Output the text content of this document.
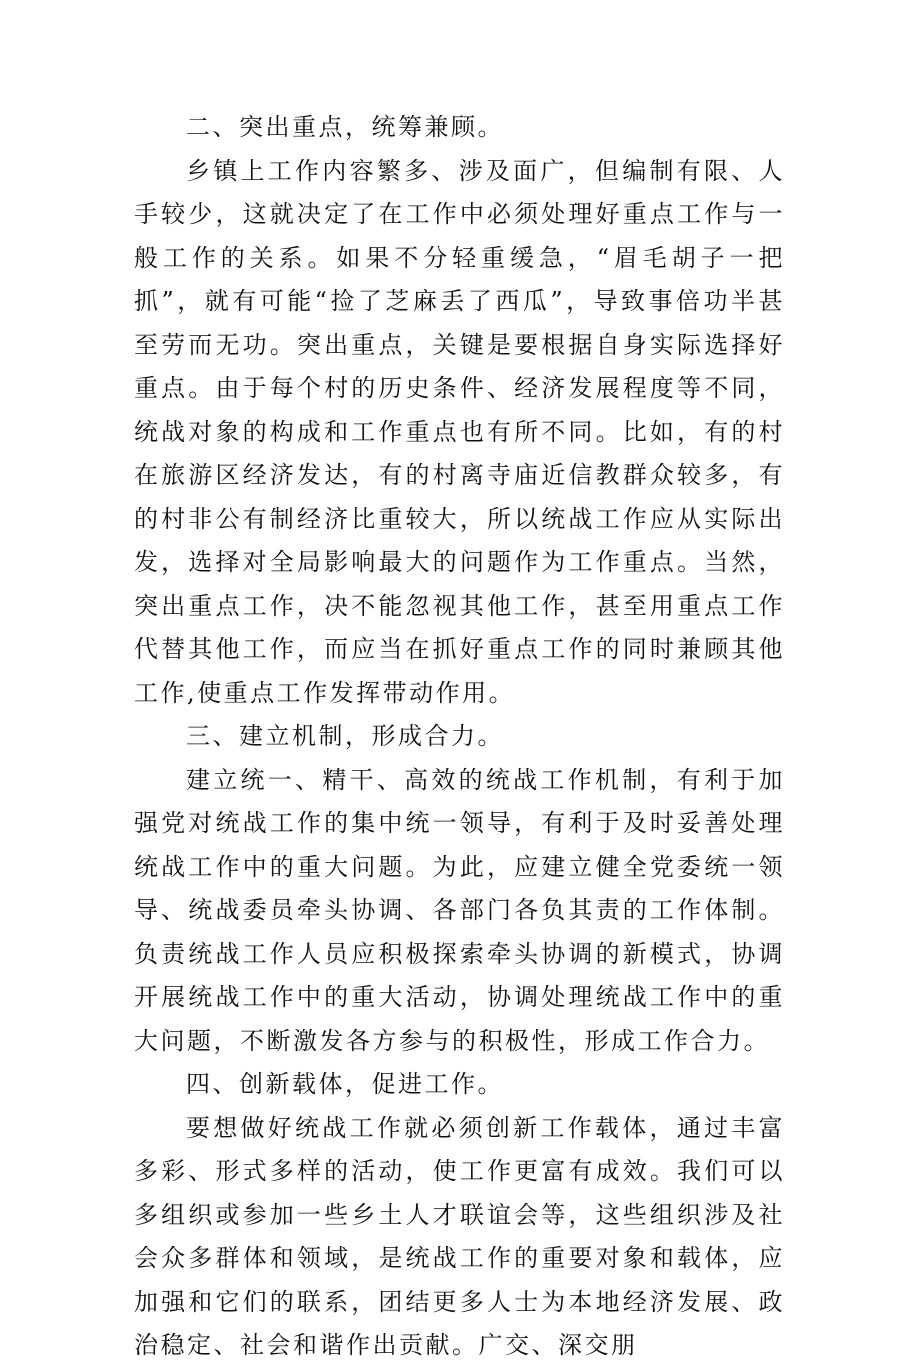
二、突出重点，统筹兼顾。

乡镇上工作内容繁多、涉及面广，但编制有限、人手较少，这就决定了在工作中必须处理好重点工作与一般工作的关系。如果不分轻重缓急，“眉毛胡子一把抓”，就有可能“捡了芝麻丢了西瓜”，导致事倍功半甚至劳而无功。突出重点，关键是要根据自身实际选择好重点。由于每个村的历史条件、经济发展程度等不同，统战对象的构成和工作重点也有所不同。比如，有的村在旅游区经济发达，有的村离寺庙近信教群众较多，有的村非公有制经济比重较大，所以统战工作应从实际出发，选择对全局影响最大的问题作为工作重点。当然，突出重点工作，决不能忽视其他工作，甚至用重点工作代替其他工作，而应当在抓好重点工作的同时兼顾其他工作,使重点工作发挥带动作用。

三、建立机制，形成合力。

建立统一、精干、高效的统战工作机制，有利于加强党对统战工作的集中统一领导，有利于及时妥善处理统战工作中的重大问题。为此，应建立健全党委统一领导、统战委员牵头协调、各部门各负其责的工作体制。负责统战工作人员应积极探索牵头协调的新模式，协调开展统战工作中的重大活动，协调处理统战工作中的重大问题，不断激发各方参与的积极性，形成工作合力。

四、创新载体，促进工作。

要想做好统战工作就必须创新工作载体，通过丰富多彩、形式多样的活动，使工作更富有成效。我们可以多组织或参加一些乡土人才联谊会等，这些组织涉及社会众多群体和领域，是统战工作的重要对象和载体，应加强和它们的联系，团结更多人士为本地经济发展、政治稳定、社会和谐作出贡献。广交、深交朋
